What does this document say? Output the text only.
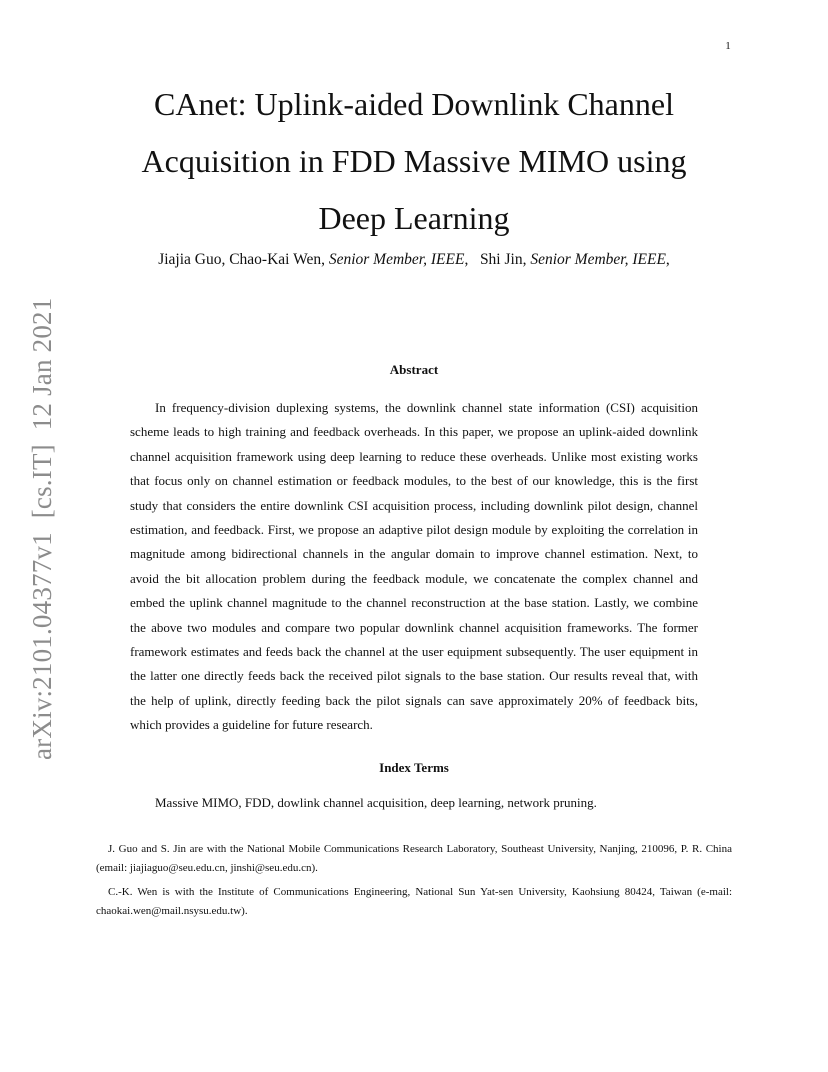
1
CAnet: Uplink-aided Downlink Channel
Acquisition in FDD Massive MIMO using
Deep Learning
Jiajia Guo, Chao-Kai Wen, Senior Member, IEEE,   Shi Jin, Senior Member, IEEE,
arXiv:2101.04377v1  [cs.IT]  12 Jan 2021	Abstract

In frequency-division duplexing systems, the downlink channel state information (CSI) acquisition scheme leads to high training and feedback overheads. In this paper, we propose an uplink-aided downlink channel acquisition framework using deep learning to reduce these overheads. Unlike most existing works that focus only on channel estimation or feedback modules, to the best of our knowledge, this is the first study that considers the entire downlink CSI acquisition process, including downlink pilot design, channel estimation, and feedback. First, we propose an adaptive pilot design module by exploiting the correlation in magnitude among bidirectional channels in the angular domain to improve channel estimation. Next, to avoid the bit allocation problem during the feedback module, we concatenate the complex channel and embed the uplink channel magnitude to the channel reconstruction at the base station. Lastly, we combine the above two modules and compare two popular downlink channel acquisition frameworks. The former framework estimates and feeds back the channel at the user equipment subsequently. The user equipment in the latter one directly feeds back the received pilot signals to the base station. Our results reveal that, with the help of uplink, directly feeding back the pilot signals can save approximately 20% of feedback bits, which provides a guideline for future research.

Index Terms

Massive MIMO, FDD, dowlink channel acquisition, deep learning, network pruning.

J. Guo and S. Jin are with the National Mobile Communications Research Laboratory, Southeast University, Nanjing, 210096, P. R. China (email: jiajiaguo@seu.edu.cn, jinshi@seu.edu.cn).

C.-K. Wen is with the Institute of Communications Engineering, National Sun Yat-sen University, Kaohsiung 80424, Taiwan (e-mail: chaokai.wen@mail.nsysu.edu.tw).
